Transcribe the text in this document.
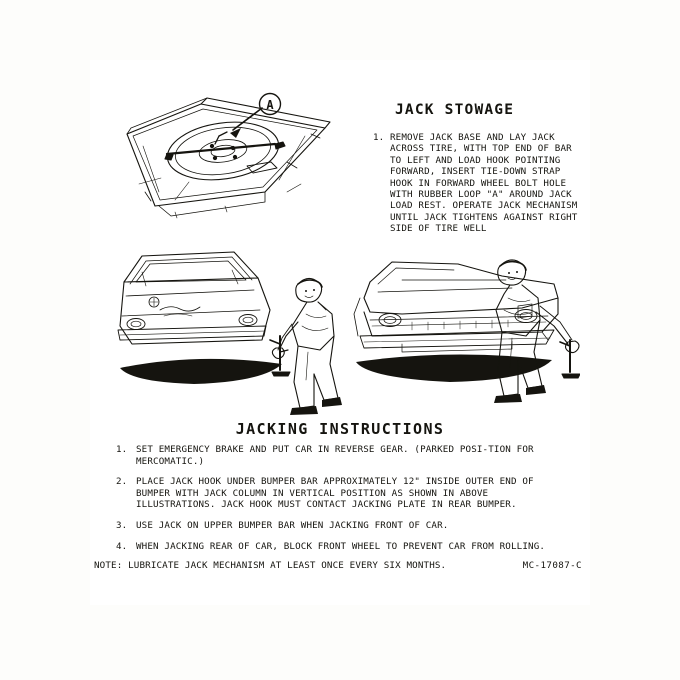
A	JACK STOWAGE
1. REMOVE JACK BASE AND LAY JACK ACROSS TIRE, WITH TOP END OF BAR TO LEFT AND LOAD HOOK POINTING FORWARD, INSERT TIE-DOWN STRAP HOOK IN FORWARD WHEEL BOLT HOLE WITH RUBBER LOOP "A" AROUND JACK LOAD REST. OPERATE JACK MECHANISM UNTIL JACK TIGHTENS AGAINST RIGHT SIDE OF TIRE WELL
JACKING INSTRUCTIONS
1. SET EMERGENCY BRAKE AND PUT CAR IN REVERSE GEAR. (PARKED POSI-TION FOR MERCOMATIC.)
2. PLACE JACK HOOK UNDER BUMPER BAR APPROXIMATELY 12" INSIDE OUTER END OF BUMPER WITH JACK COLUMN IN VERTICAL POSITION AS SHOWN IN ABOVE ILLUSTRATIONS. JACK HOOK MUST CONTACT JACKING PLATE IN REAR BUMPER.
3. USE JACK ON UPPER BUMPER BAR WHEN JACKING FRONT OF CAR.
4. WHEN JACKING REAR OF CAR, BLOCK FRONT WHEEL TO PREVENT CAR FROM ROLLING.
NOTE: LUBRICATE JACK MECHANISM AT LEAST ONCE EVERY SIX MONTHS.	MC-17087-C
